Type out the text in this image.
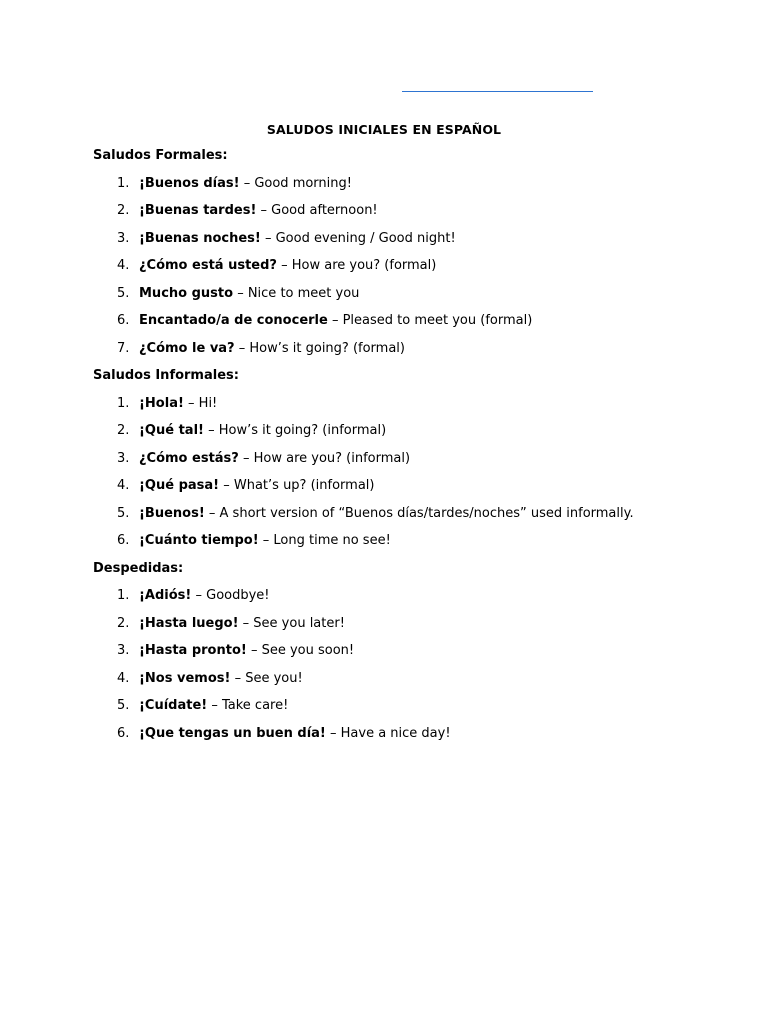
SALUDOS INICIALES EN ESPAÑOL
Saludos Formales:
1. ¡Buenos días! – Good morning!
2. ¡Buenas tardes! – Good afternoon!
3. ¡Buenas noches! – Good evening / Good night!
4. ¿Cómo está usted? – How are you? (formal)
5. Mucho gusto – Nice to meet you
6. Encantado/a de conocerle – Pleased to meet you (formal)
7. ¿Cómo le va? – How’s it going? (formal)
Saludos Informales:
1. ¡Hola! – Hi!
2. ¡Qué tal! – How’s it going? (informal)
3. ¿Cómo estás? – How are you? (informal)
4. ¡Qué pasa! – What’s up? (informal)
5. ¡Buenos! – A short version of “Buenos días/tardes/noches” used informally.
6. ¡Cuánto tiempo! – Long time no see!
Despedidas:
1. ¡Adiós! – Goodbye!
2. ¡Hasta luego! – See you later!
3. ¡Hasta pronto! – See you soon!
4. ¡Nos vemos! – See you!
5. ¡Cuídate! – Take care!
6. ¡Que tengas un buen día! – Have a nice day!
